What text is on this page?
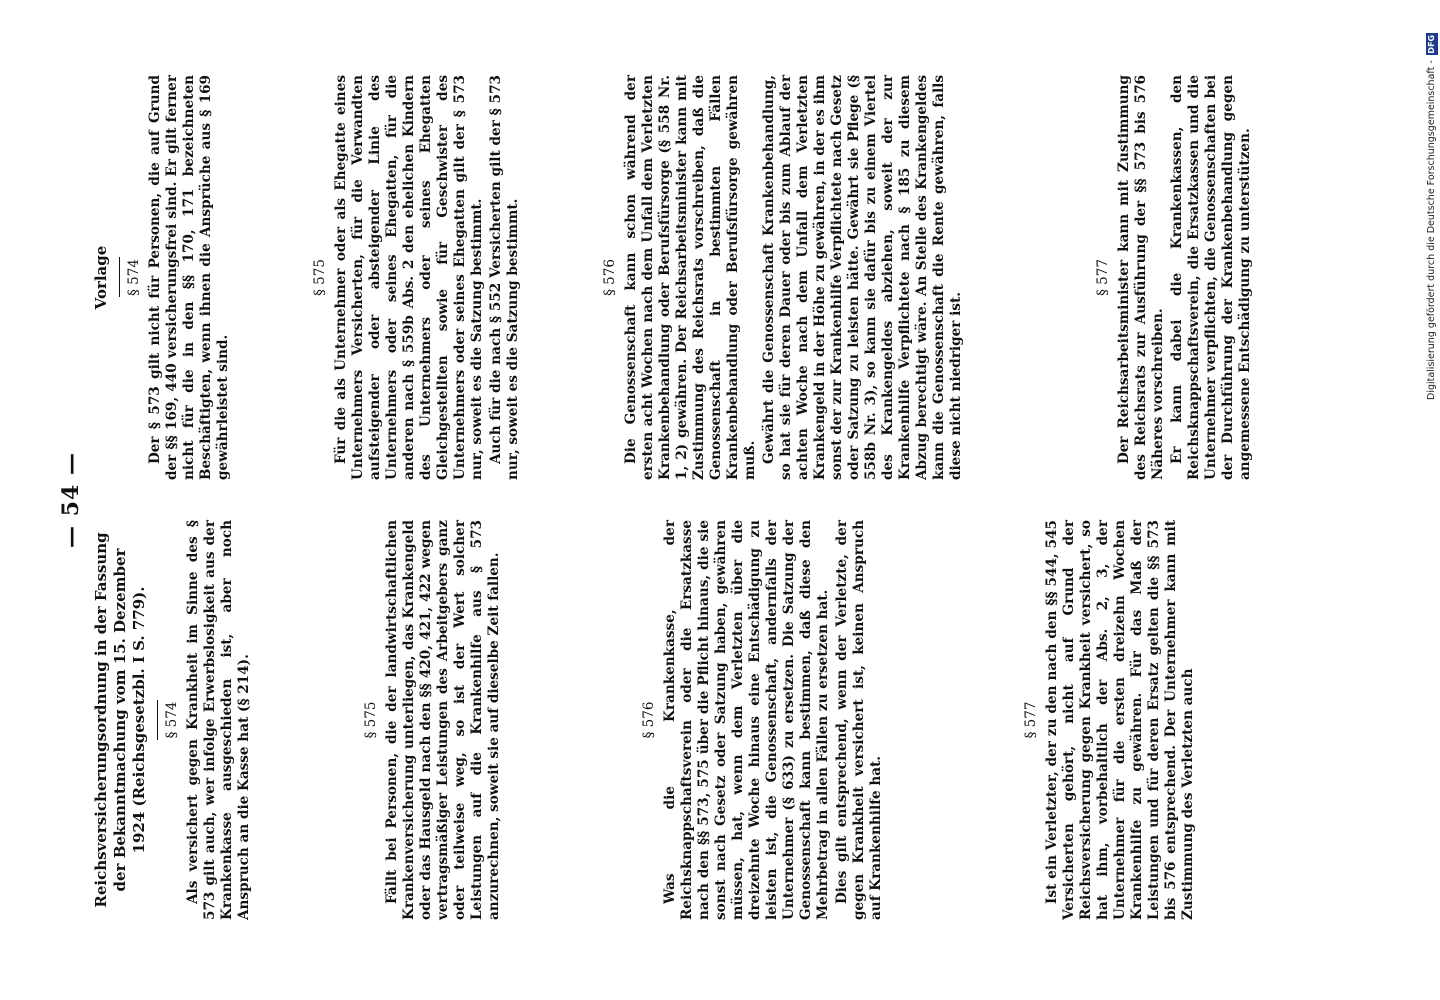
— 54 —
Reichsversicherungsordnung in der Fassung der Bekanntmachung vom 15. Dezember 1924 (Reichsgesetzbl. I S. 779). § 574 Als versichert gegen Krankheit im Sinne des § 573 gilt auch, wer infolge Erwerbslosigkeit aus der Krankenkasse ausgeschieden ist, aber noch Anspruch an die Kasse hat (§ 214).	§ 575 Fällt bei Personen, die der landwirtschaftlichen Krankenversicherung unterliegen, das Krankengeld oder das Hausgeld nach den §§ 420, 421, 422 wegen vertragsmäßiger Leistungen des Arbeitgebers ganz oder teilweise weg, so ist der Wert solcher Leistungen auf die Krankenhilfe aus § 573 anzurechnen, soweit sie auf dieselbe Zeit fallen.	§ 576 Was die Krankenkasse, der Reichsknappschaftsverein oder die Ersatzkasse nach den §§ 573, 575 über die Pflicht hinaus, die sie sonst nach Gesetz oder Satzung haben, gewähren müssen, hat, wenn dem Verletzten über die dreizehnte Woche hinaus eine Entschädigung zu leisten ist, die Genossenschaft, andernfalls der Unternehmer (§ 633) zu ersetzen. Die Satzung der Genossenschaft kann bestimmen, daß diese den Mehrbetrag in allen Fällen zu ersetzen hat. Dies gilt entsprechend, wenn der Verletzte, der gegen Krankheit versichert ist, keinen Anspruch auf Krankenhilfe hat.

§ 577 Ist ein Verletzter, der zu den nach den §§ 544, 545 Versicherten gehört, nicht auf Grund der Reichsversicherung gegen Krankheit versichert, so hat ihm, vorbehaltlich der Abs. 2, 3, der Unternehmer für die ersten dreizehn Wochen Krankenhilfe zu gewähren. Für das Maß der Leistungen und für deren Ersatz gelten die §§ 573 bis 576 entsprechend. Der Unternehmer kann mit Zustimmung des Verletzten auch

Vorlage § 574 Der § 573 gilt nicht für Personen, die auf Grund der §§ 169, 440 versicherungsfrei sind. Er gilt ferner nicht für die in den §§ 170, 171 bezeichneten Beschäftigten, wenn ihnen die Ansprüche aus § 169 gewährleistet sind.

§ 575 Für die als Unternehmer oder als Ehegatte eines Unternehmers Versicherten, für die Verwandten aufsteigender oder absteigender Linie des Unternehmers oder seines Ehegatten, für die anderen nach § 559b Abs. 2 den ehelichen Kindern des Unternehmers oder seines Ehegatten Gleichgestellten sowie für Geschwister des Unternehmers oder seines Ehegatten gilt der § 573 nur, soweit es die Satzung bestimmt. Auch für die nach § 552 Versicherten gilt der § 573 nur, soweit es die Satzung bestimmt.	§ 576 Die Genossenschaft kann schon während der ersten acht Wochen nach dem Unfall dem Verletzten Krankenbehandlung oder Berufsfürsorge (§ 558 Nr. 1, 2) gewähren. Der Reichsarbeitsminister kann mit Zustimmung des Reichsrats vorschreiben, daß die Genossenschaft in bestimmten Fällen Krankenbehandlung oder Berufsfürsorge gewähren muß. Gewährt die Genossenschaft Krankenbehandlung, so hat sie für deren Dauer oder bis zum Ablauf der achten Woche nach dem Unfall dem Verletzten Krankengeld in der Höhe zu gewähren, in der es ihm sonst der zur Krankenhilfe Verpflichtete nach Gesetz oder Satzung zu leisten hätte. Gewährt sie Pflege (§ 558b Nr. 3), so kann sie dafür bis zu einem Viertel des Krankengeldes abziehen, soweit der zur Krankenhilfe Verpflichtete nach § 185 zu diesem Abzug berechtigt wäre. An Stelle des Krankengeldes kann die Genossenschaft die Rente gewähren, falls diese nicht niedriger ist.

§ 577 Der Reichsarbeitsminister kann mit Zustimmung des Reichsrats zur Ausführung der §§ 573 bis 576 Näheres vorschreiben. Er kann dabei die Krankenkassen, den Reichsknappschaftsverein, die Ersatzkassen und die Unternehmer verpflichten, die Genossenschaften bei der Durchführung der Krankenbehandlung gegen angemessene Entschädigung zu unterstützen.	Digitalisierung gefördert durch die Deutsche Forschungsgemeinschaft - DFG
